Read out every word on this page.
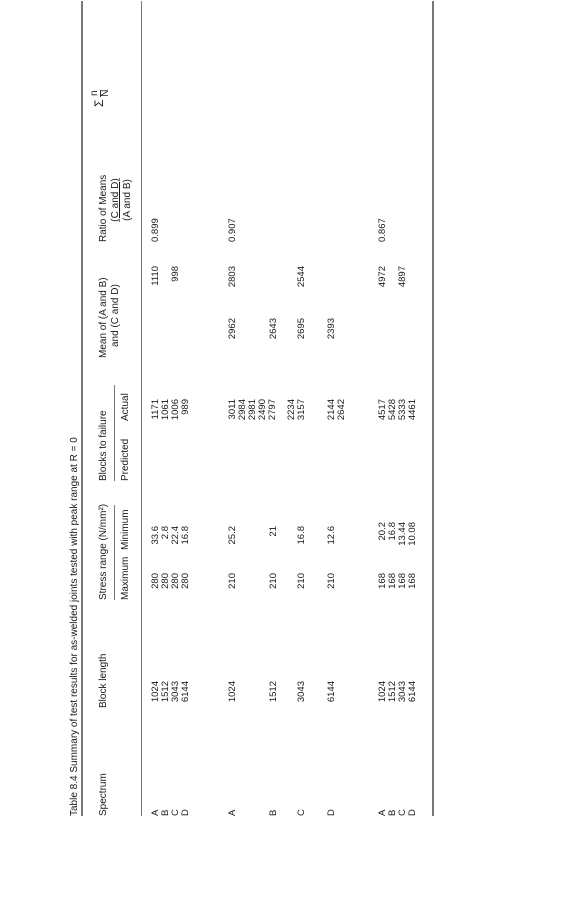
Table 8.4 Summary of test results for as-welded joints tested with peak range at R = 0 Spectrum
Block length
Stress range (N/mm²) Maximum
Minimum
Blocks to failure Predicted
Actual
Mean of (A and B) and (C and D)
Ratio of Means (C and D) (A and B)
Σ
n N
A
B
C
D
1024
1512
3043
6144
280
280
280
280
33.6
2.8
22.4
16.8
1171
1061
1006
989
1110

998
0.899
A
1024
210
25.2
3011
2984
2981
2962
2803
0.907
B
1512
210
21
2490
2797
2643
C
3043
210
16.8
2234
3157
2695
2544
D
6144
210
12.6
2144
2642
2393
A
B
C
D
1024
1512
3043
6144
168
168
168
168
20.2
16.8
13.44
10.08
4517
5428
5333
4461
4972

4897
0.867
